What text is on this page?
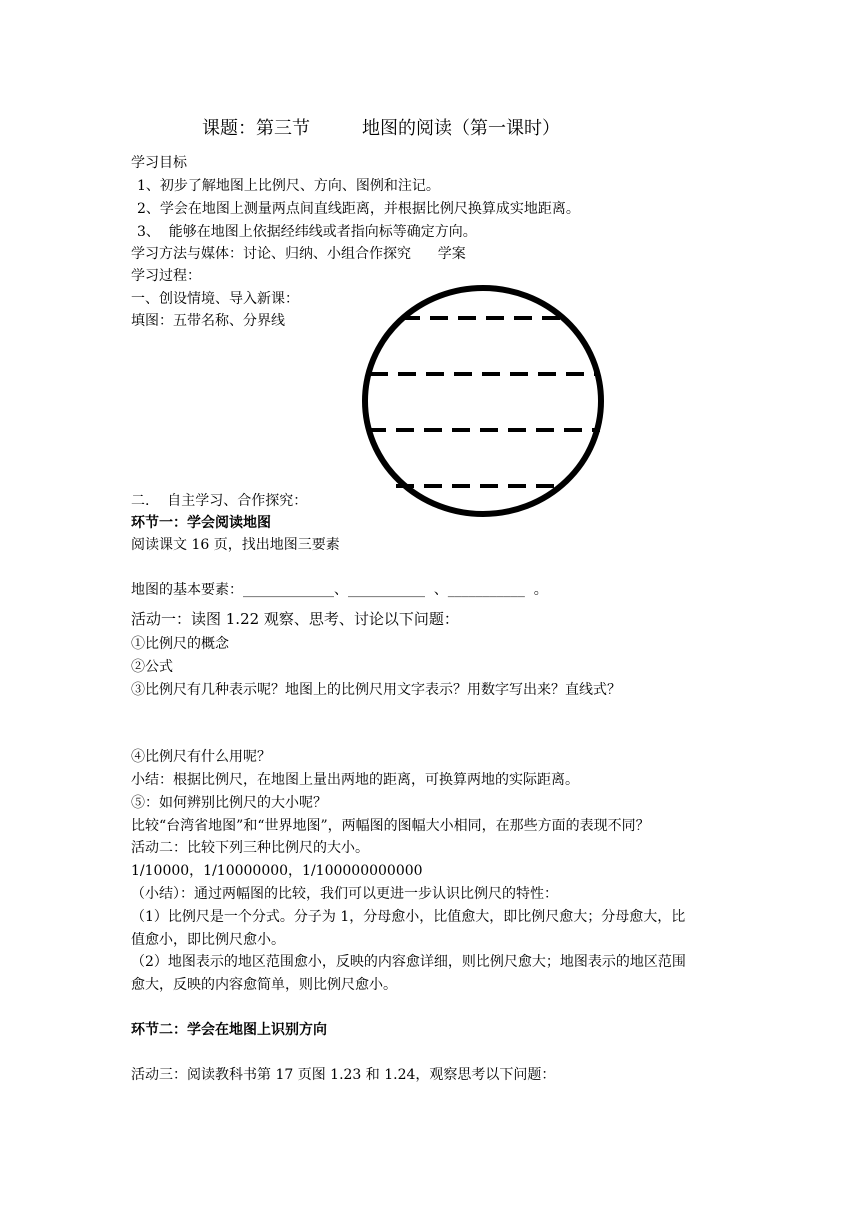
课题：第三节	地图的阅读（第一课时）
学习目标
1、初步了解地图上比例尺、方向、图例和注记。
2、学会在地图上测量两点间直线距离，并根据比例尺换算成实地距离。
3、  能够在地图上依据经纬线或者指向标等确定方向。
学习方法与媒体：讨论、归纳、小组合作探究      学案
学习过程：
一、创设情境、导入新课：
填图：五带名称、分界线
二.    自主学习、合作探究：
环节一：学会阅读地图
阅读课文 16 页，找出地图三要素
地图的基本要素：_____________、___________  、___________  。
活动一：读图 1.22 观察、思考、讨论以下问题：
①比例尺的概念
②公式
③比例尺有几种表示呢？地图上的比例尺用文字表示？用数字写出来？直线式？
④比例尺有什么用呢？
小结：根据比例尺，在地图上量出两地的距离，可换算两地的实际距离。
⑤：如何辨别比例尺的大小呢？
比较“台湾省地图”和“世界地图”，两幅图的图幅大小相同，在那些方面的表现不同？
活动二：比较下列三种比例尺的大小。
1/10000，1/10000000，1/100000000000
（小结）：通过两幅图的比较，我们可以更进一步认识比例尺的特性：
（1）比例尺是一个分式。分子为 1，分母愈小，比值愈大，即比例尺愈大；分母愈大，比
值愈小，即比例尺愈小。
（2）地图表示的地区范围愈小，反映的内容愈详细，则比例尺愈大；地图表示的地区范围
愈大，反映的内容愈简单，则比例尺愈小。
环节二：学会在地图上识别方向
活动三：阅读教科书第 17 页图 1.23 和 1.24，观察思考以下问题：
